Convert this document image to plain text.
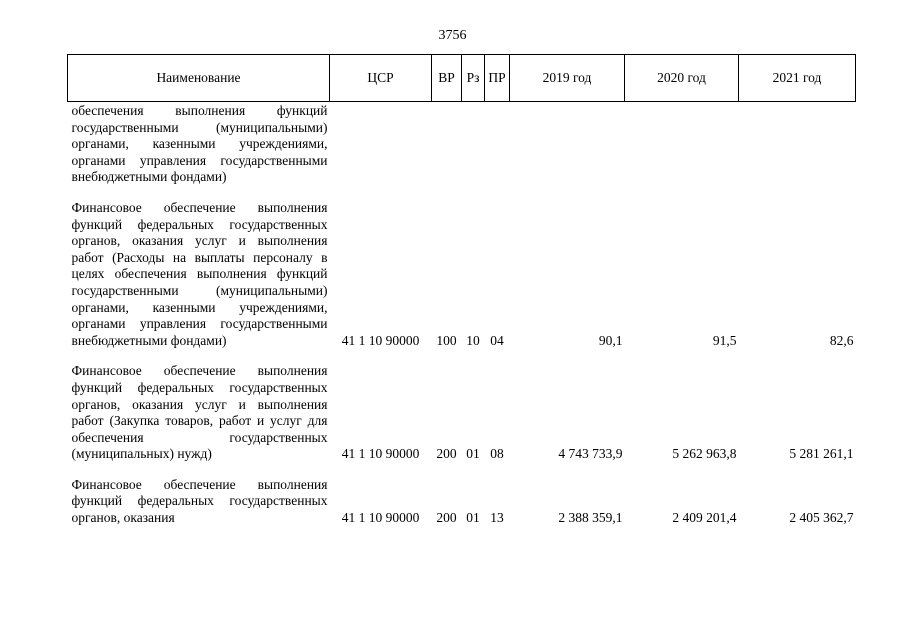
3756
Наименование	ЦСР	ВР	Рз	ПР	2019 год	2020 год	2021 год
обеспечения выполнения функций государственными (муниципальными) органами, казенными учреждениями, органами управления государственными внебюджетными фондами)							

Финансовое обеспечение выполнения функций федеральных государственных органов, оказания услуг и выполнения работ (Расходы на выплаты персоналу в целях обеспечения выполнения функций государственными (муниципальными) органами, казенными учреждениями, органами управления государственными внебюджетными фондами)	41 1 10 90000	100	10	04	90,1	91,5	82,6

Финансовое обеспечение выполнения функций федеральных государственных органов, оказания услуг и выполнения работ (Закупка товаров, работ и услуг для обеспечения государственных (муниципальных) нужд)	41 1 10 90000	200	01	08	4 743 733,9	5 262 963,8	5 281 261,1

Финансовое обеспечение выполнения функций федеральных государственных органов, оказания	41 1 10 90000	200	01	13	2 388 359,1	2 409 201,4	2 405 362,7
